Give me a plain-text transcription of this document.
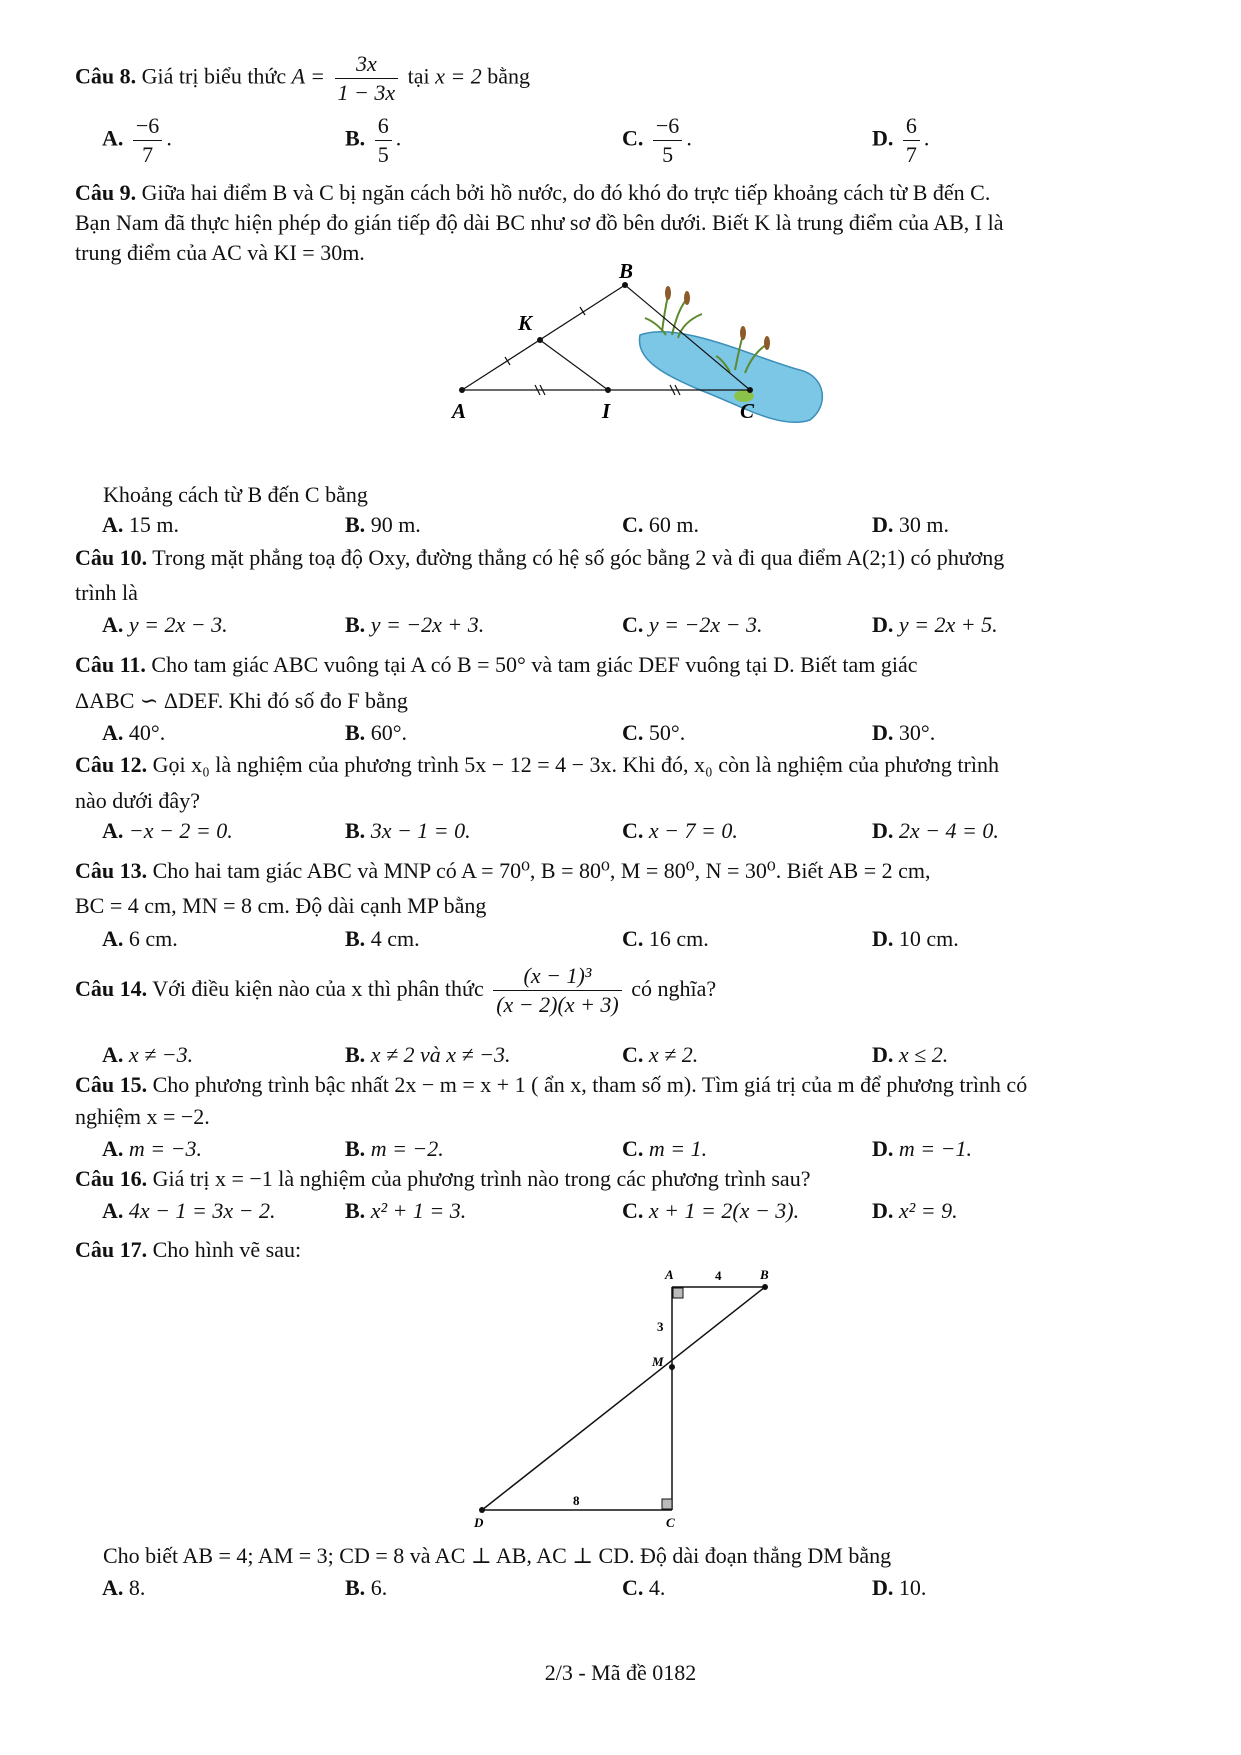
Câu 8. Giá trị biểu thức $A = \frac{3x}{1 - 3x}$ tại x = 2 bằng
A. $\frac{-6}{7}$ .	B. $\frac{6}{5}$ .	C. $\frac{-6}{5}$ .	D. $\frac{6}{7}$ .
Câu 9. Giữa hai điểm B và C bị ngăn cách bởi hồ nước, do đó khó đo trực tiếp khoảng cách từ B đến C.
Bạn Nam đã thực hiện phép đo gián tiếp độ dài BC như sơ đồ bên dưới. Biết K là trung điểm của AB, I là
trung điểm của AC và KI = 30m.
B
K
A	I	C
Khoảng cách từ B đến C bằng
A. 15 m.	B. 90 m.	C. 60 m.	D. 30 m.
Câu 10. Trong mặt phẳng toạ độ Oxy, đường thẳng có hệ số góc bằng 2 và đi qua điểm A(2;1) có phương
trình là
A. y = 2x − 3.	B. y = −2x + 3.	C. y = −2x − 3.	D. y = 2x + 5.
Câu 11. Cho tam giác ABC vuông tại A có B = 50° và tam giác DEF vuông tại D. Biết tam giác
ΔABC ∽ ΔDEF. Khi đó số đo F bằng
A. 40°.	B. 60°.	C. 50°.	D. 30°.
Câu 12. Gọi x₀ là nghiệm của phương trình 5x − 12 = 4 − 3x. Khi đó, x₀ còn là nghiệm của phương trình
nào dưới đây?
A. −x − 2 = 0.	B. 3x − 1 = 0.	C. x − 7 = 0.	D. 2x − 4 = 0.
Câu 13. Cho hai tam giác ABC và MNP có A = 70⁰, B = 80⁰, M = 80⁰, N = 30⁰. Biết AB = 2 cm,
BC = 4 cm, MN = 8 cm. Độ dài cạnh MP bằng
A. 6 cm.	B. 4 cm.	C. 16 cm.	D. 10 cm.
Câu 14. Với điều kiện nào của x thì phân thức $\frac{\text{(x − 1)³}}{(x - 2)(x + 3)}$ có nghĩa?
A. x ≠ −3.	B. x ≠ 2 và x ≠ −3.	C. x ≠ 2.	D. x ≤ 2.
Câu 15. Cho phương trình bậc nhất 2x − m = x + 1 ( ẩn x, tham số m). Tìm giá trị của m để phương trình có
nghiệm x = −2.
A. m = −3.	B. m = −2.	C. m = 1.	D. m = −1.
Câu 16. Giá trị x = −1 là nghiệm của phương trình nào trong các phương trình sau?
A. 4x − 1 = 3x − 2.	B. x² + 1 = 3.	C. x + 1 = 2(x − 3).	D. x² = 9.
Câu 17. Cho hình vẽ sau:
A	B
M
D	C
4
3
8
Cho biết AB = 4; AM = 3; CD = 8 và AC ⊥ AB, AC ⊥ CD. Độ dài đoạn thẳng DM bằng
A. 8.	B. 6.	C. 4.	D. 10.
2/3 - Mã đề 0182
